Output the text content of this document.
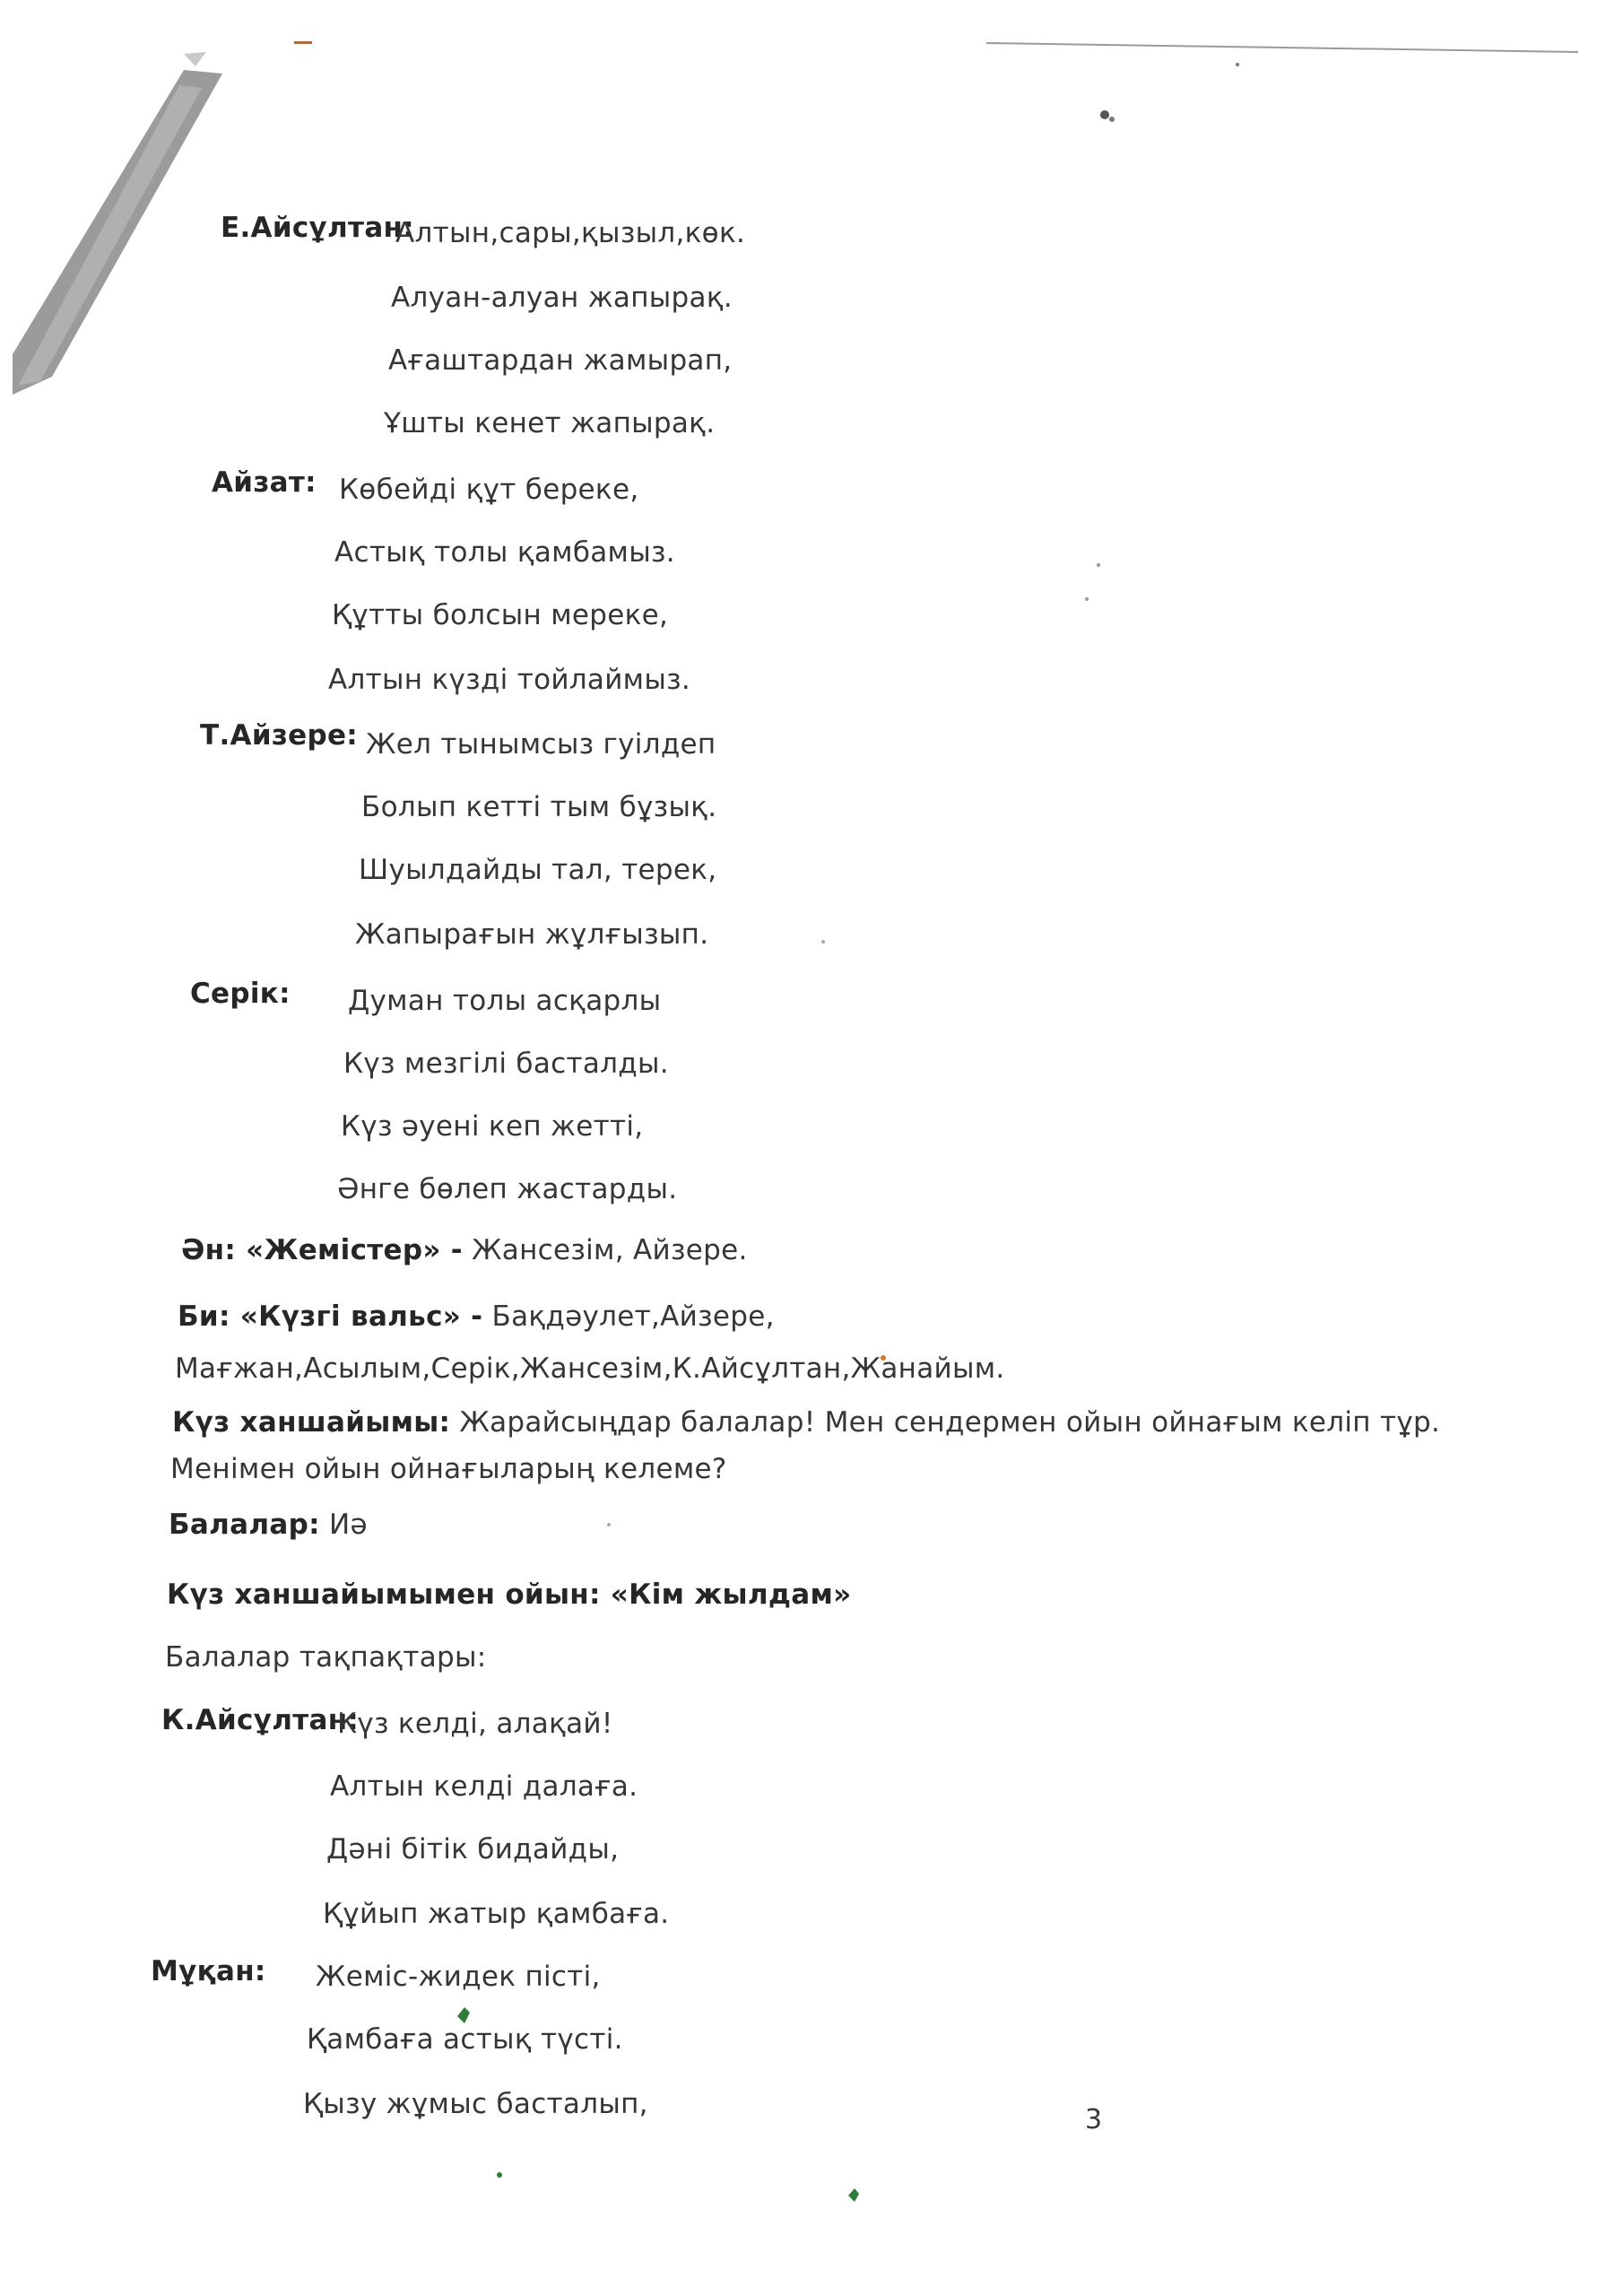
Е.Айсұлтан:
Алтын,сары,қызыл,көк.
Алуан-алуан жапырақ.
Ағаштардан жамырап,
Ұшты кенет жапырақ.
Айзат: Көбейді құт береке,
Астық толы қамбамыз.
Құтты болсын мереке,
Алтын күзді тойлаймыз.
Т.Айзере: Жел тынымсыз гуілдеп
Болып кетті тым бұзық.
Шуылдайды тал, терек,
Жапырағын жұлғызып.
Серік: Думан толы асқарлы
Күз мезгілі басталды.
Күз әуені кеп жетті,
Әнге бөлеп жастарды.
Ән: «Жемістер» - Жансезім, Айзере.
Би: «Күзгі вальс» - Бақдәулет,Айзере,
Мағжан,Асылым,Серік,Жансезім,К.Айсұлтан,Жанайым.
Күз ханшайымы: Жарайсыңдар балалар! Мен сендермен ойын ойнағым келіп тұр.
Менімен ойын ойнағыларың келеме?
Балалар: Иә
Күз ханшайымымен ойын: «Кім жылдам»
Балалар тақпақтары:
К.Айсұлтан:
Күз келді, алақай!
Алтын келді далаға.
Дәні бітік бидайды,
Құйып жатыр қамбаға.
Мұқан: Жеміс-жидек пісті,
Қамбаға астық түсті.
Қызу жұмыс басталып,	3
